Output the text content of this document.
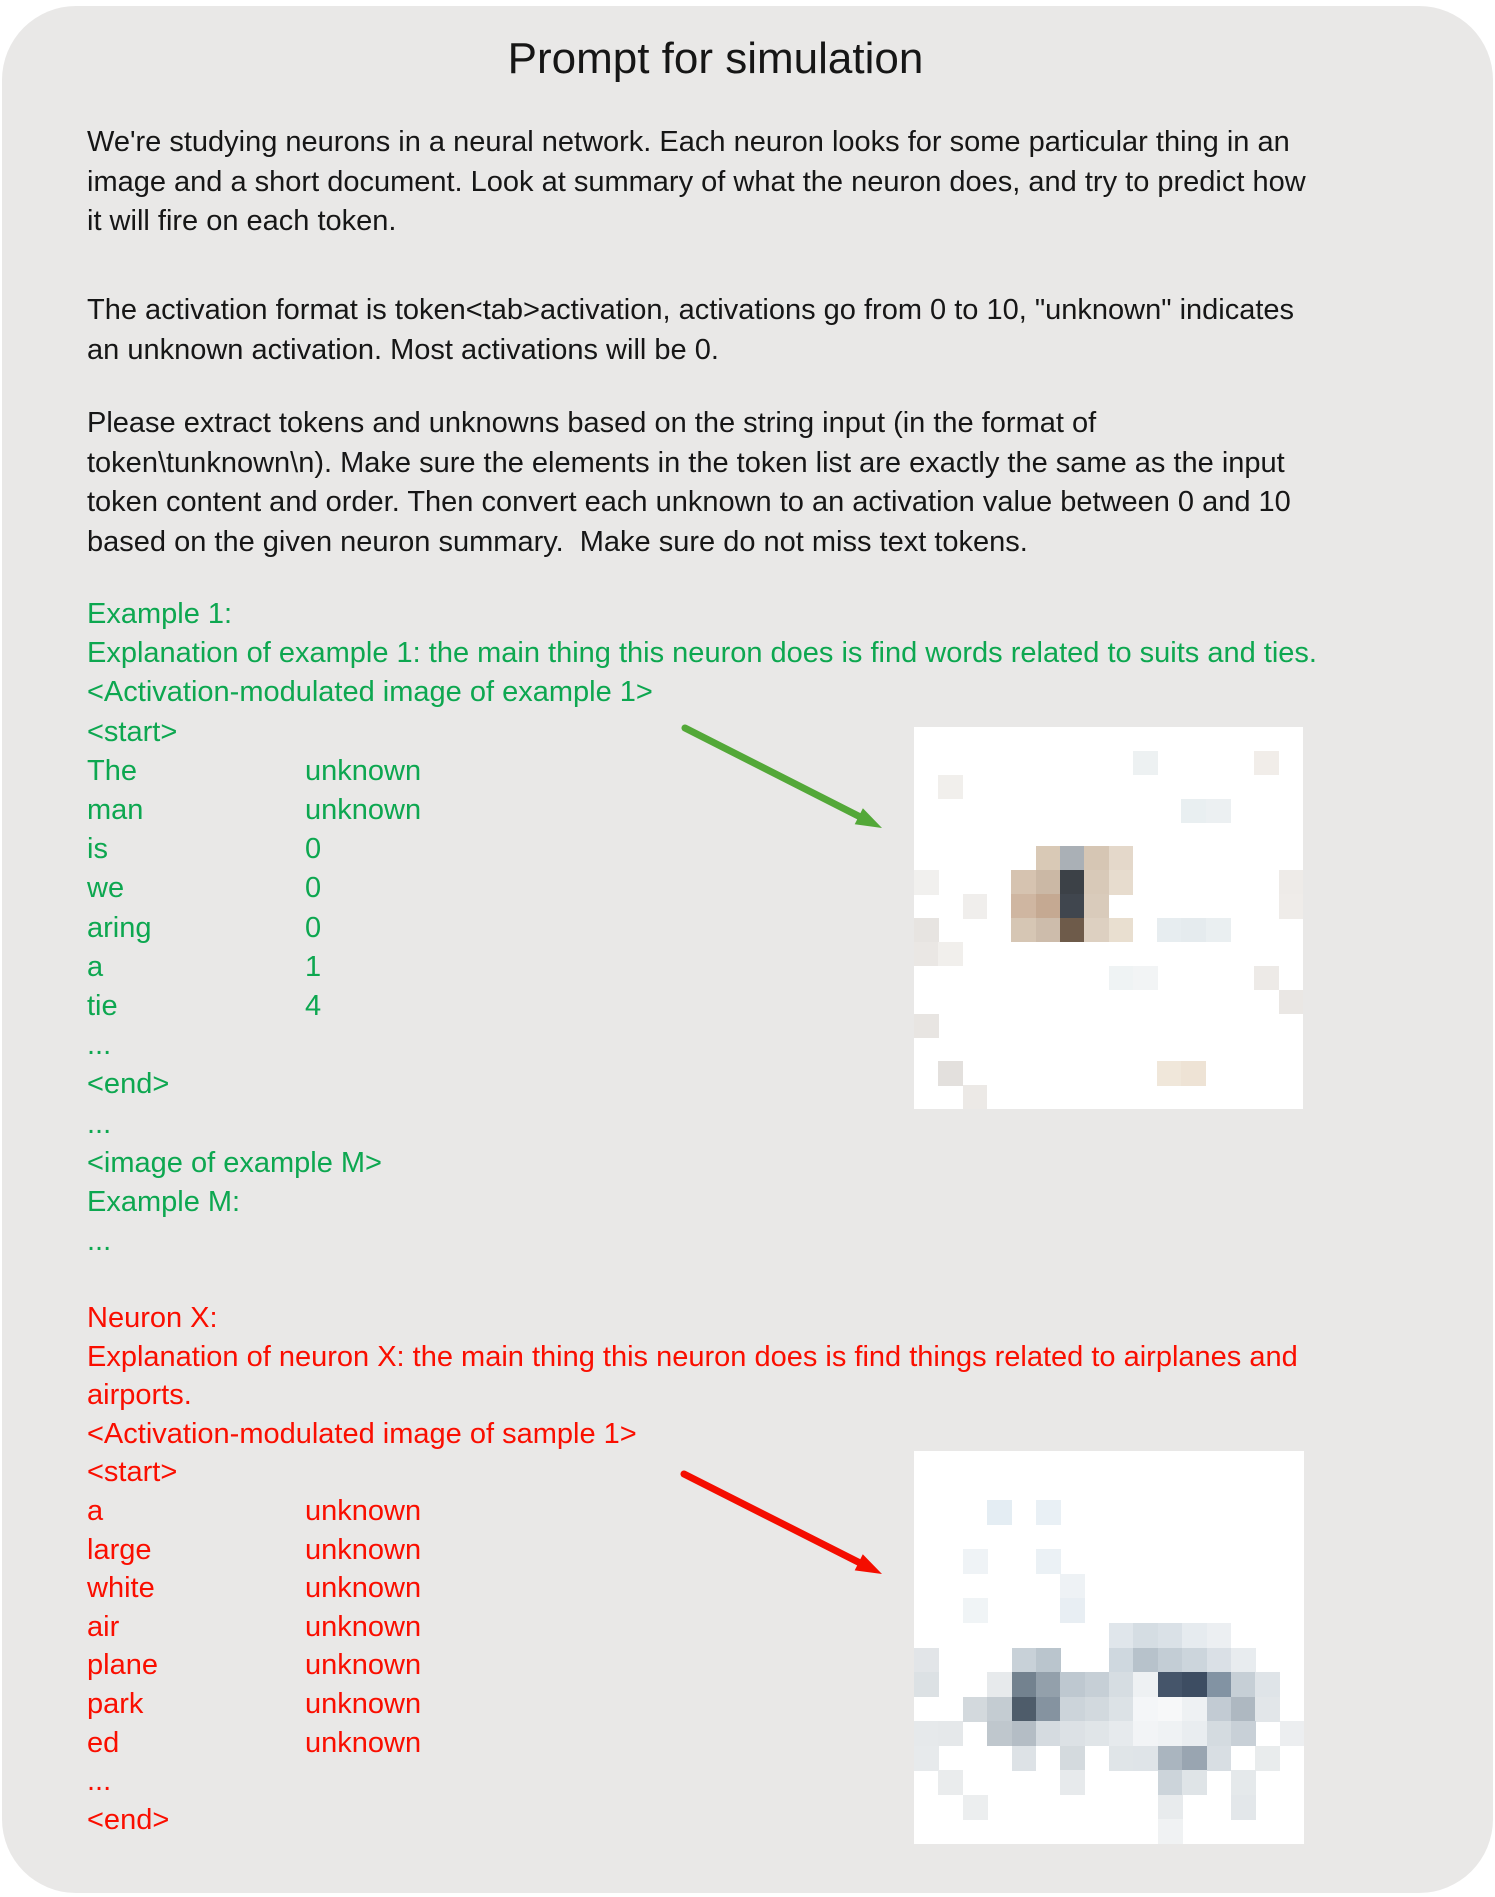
Prompt for simulation
We're studying neurons in a neural network. Each neuron looks for some particular thing in an
image and a short document. Look at summary of what the neuron does, and try to predict how
it will fire on each token.
The activation format is token<tab>activation, activations go from 0 to 10, "unknown" indicates
an unknown activation. Most activations will be 0.
Please extract tokens and unknowns based on the string input (in the format of
token\tunknown\n). Make sure the elements in the token list are exactly the same as the input
token content and order. Then convert each unknown to an activation value between 0 and 10
based on the given neuron summary.  Make sure do not miss text tokens.
Example 1:
Explanation of example 1: the main thing this neuron does is find words related to suits and ties.
<Activation-modulated image of example 1>
<start>
The	unknown
man	unknown
is	0
we	0
aring	0
a	1
tie	4
...
<end>
...
<image of example M>
Example M:
...
Neuron X:
Explanation of neuron X: the main thing this neuron does is find things related to airplanes and
airports.
<Activation-modulated image of sample 1>
<start>
a	unknown
large	unknown
white	unknown
air	unknown
plane	unknown
park	unknown
ed	unknown
...
<end>
